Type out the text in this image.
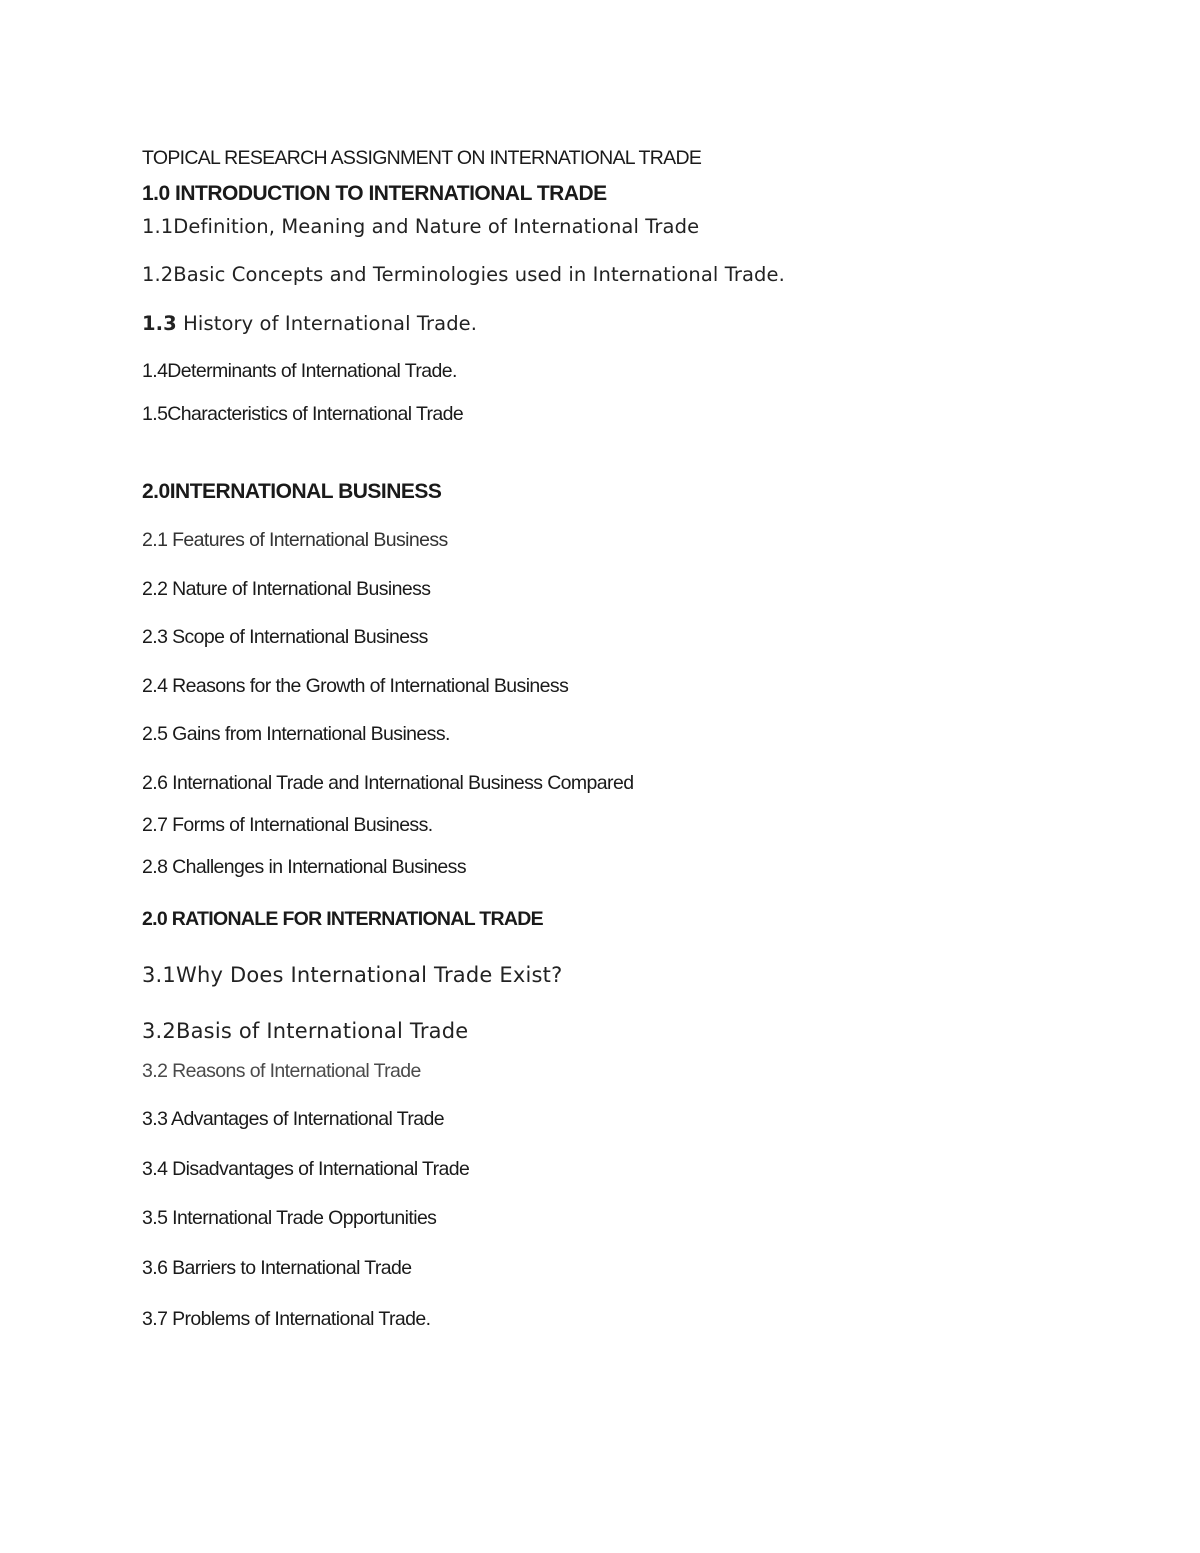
TOPICAL RESEARCH ASSIGNMENT ON INTERNATIONAL TRADE

1.0 INTRODUCTION TO INTERNATIONAL TRADE

1.1Definition, Meaning and Nature of International Trade

1.2Basic Concepts and Terminologies used in International Trade.

1.3 History of International Trade.

1.4Determinants of International Trade.

1.5Characteristics of International Trade

2.0INTERNATIONAL BUSINESS

2.1 Features of International Business

2.2 Nature of International Business

2.3 Scope of International Business

2.4 Reasons for the Growth of International Business

2.5 Gains from International Business.

2.6 International Trade and International Business Compared

2.7 Forms of International Business.

2.8 Challenges in International Business

2.0 RATIONALE FOR INTERNATIONAL TRADE

3.1Why Does International Trade Exist?

3.2Basis of International Trade

3.2 Reasons of International Trade

3.3 Advantages of International Trade

3.4 Disadvantages of International Trade

3.5 International Trade Opportunities

3.6 Barriers to International Trade

3.7 Problems of International Trade.
